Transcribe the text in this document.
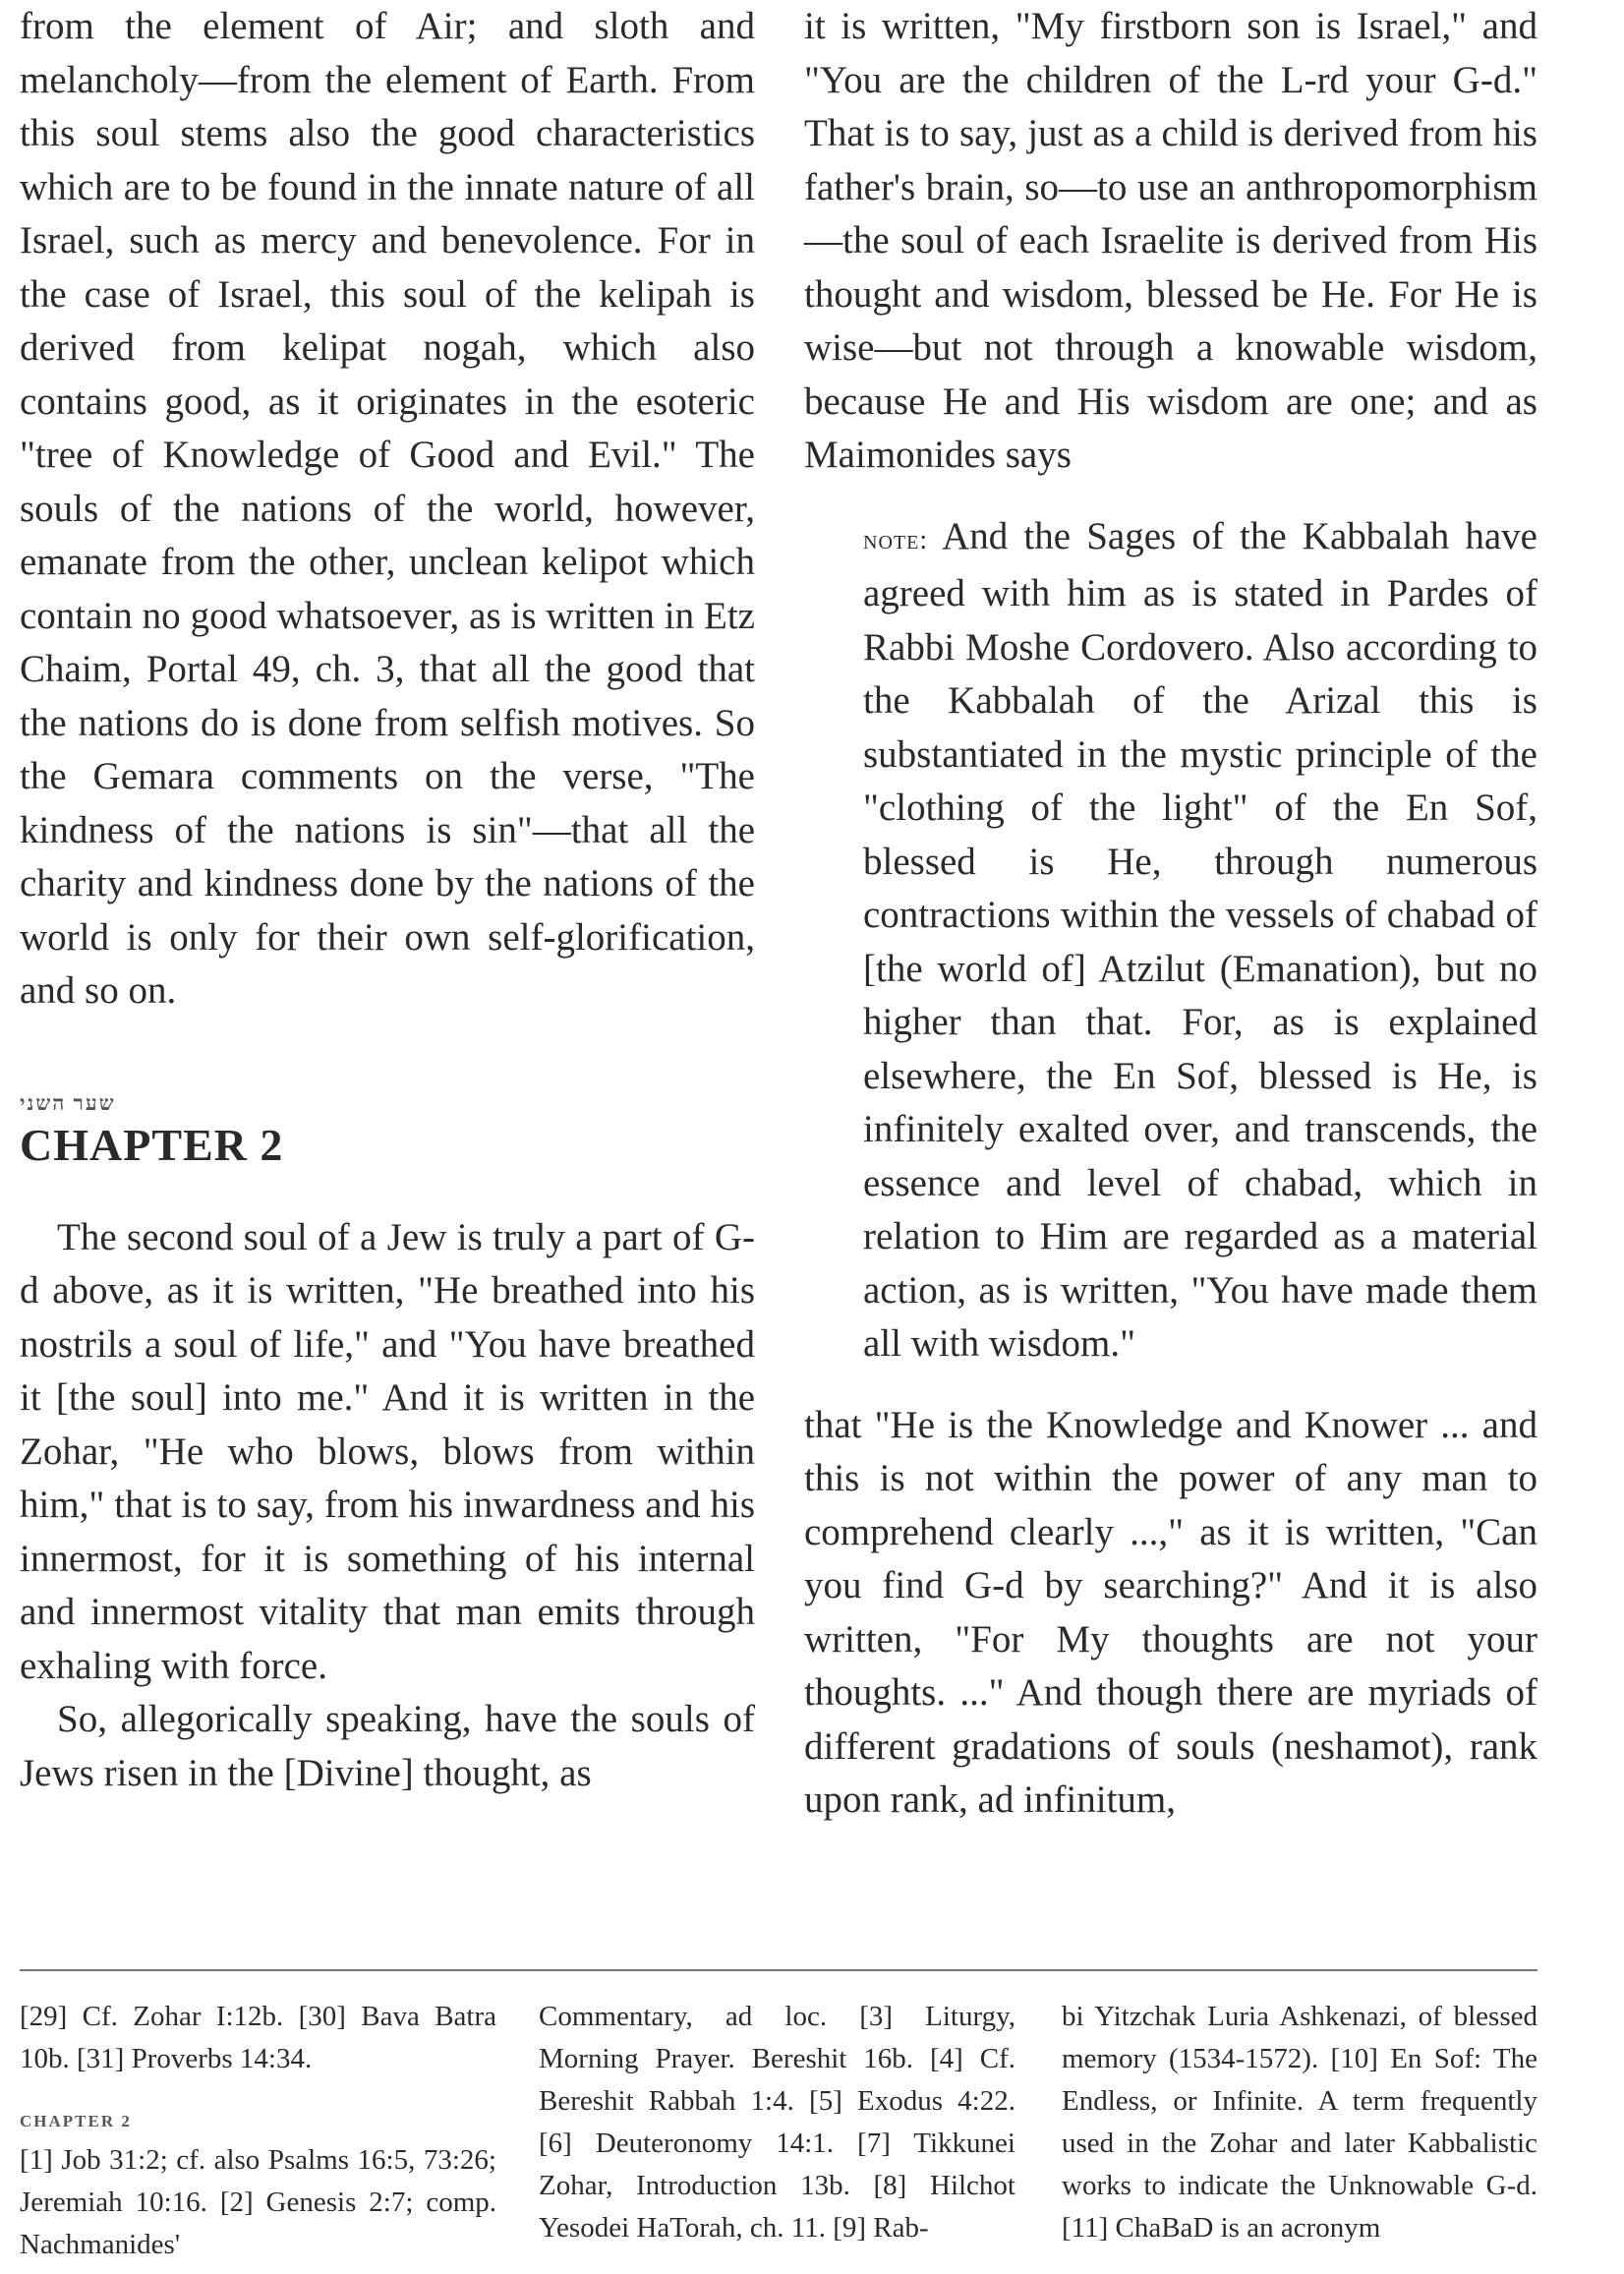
from the element of Air; and sloth and melancholy—from the element of Earth. From this soul stems also the good characteristics which are to be found in the innate nature of all Israel, such as mercy and benevolence. For in the case of Israel, this soul of the kelipah is derived from kelipat nogah, which also contains good, as it originates in the esoteric "tree of Knowledge of Good and Evil." The souls of the nations of the world, however, emanate from the other, unclean kelipot which contain no good whatsoever, as is written in Etz Chaim, Portal 49, ch. 3, that all the good that the nations do is done from selfish motives. So the Gemara comments on the verse, "The kindness of the nations is sin"—that all the charity and kindness done by the nations of the world is only for their own self-glorification, and so on.

שער השני

CHAPTER 2

The second soul of a Jew is truly a part of G-d above, as it is written, "He breathed into his nostrils a soul of life," and "You have breathed it [the soul] into me." And it is written in the Zohar, "He who blows, blows from within him," that is to say, from his inwardness and his innermost, for it is something of his internal and innermost vitality that man emits through exhaling with force.

So, allegorically speaking, have the souls of Jews risen in the [Divine] thought, as

it is written, "My firstborn son is Israel," and "You are the children of the L-rd your G-d." That is to say, just as a child is derived from his father's brain, so—to use an anthropomorphism—the soul of each Israelite is derived from His thought and wisdom, blessed be He. For He is wise—but not through a knowable wisdom, because He and His wisdom are one; and as Maimonides says

note: And the Sages of the Kabbalah have agreed with him as is stated in Pardes of Rabbi Moshe Cordovero. Also according to the Kabbalah of the Arizal this is substantiated in the mystic principle of the "clothing of the light" of the En Sof, blessed is He, through numerous contractions within the vessels of chabad of [the world of] Atzilut (Emanation), but no higher than that. For, as is explained elsewhere, the En Sof, blessed is He, is infinitely exalted over, and transcends, the essence and level of chabad, which in relation to Him are regarded as a material action, as is written, "You have made them all with wisdom."

that "He is the Knowledge and Knower ... and this is not within the power of any man to comprehend clearly ...," as it is written, "Can you find G-d by searching?" And it is also written, "For My thoughts are not your thoughts. ..." And though there are myriads of different gradations of souls (neshamot), rank upon rank, ad infinitum,

[29] Cf. Zohar I:12b. [30] Bava Batra 10b. [31] Proverbs 14:34.

CHAPTER 2

[1] Job 31:2; cf. also Psalms 16:5, 73:26; Jeremiah 10:16. [2] Genesis 2:7; comp. Nachmanides'

Commentary, ad loc. [3] Liturgy, Morning Prayer. Bereshit 16b. [4] Cf. Bereshit Rabbah 1:4. [5] Exodus 4:22. [6] Deuteronomy 14:1. [7] Tikkunei Zohar, Introduction 13b. [8] Hilchot Yesodei HaTorah, ch. 11. [9] Rab-

bi Yitzchak Luria Ashkenazi, of blessed memory (1534-1572). [10] En Sof: The Endless, or Infinite. A term frequently used in the Zohar and later Kabbalistic works to indicate the Unknowable G-d. [11] ChaBaD is an acronym
